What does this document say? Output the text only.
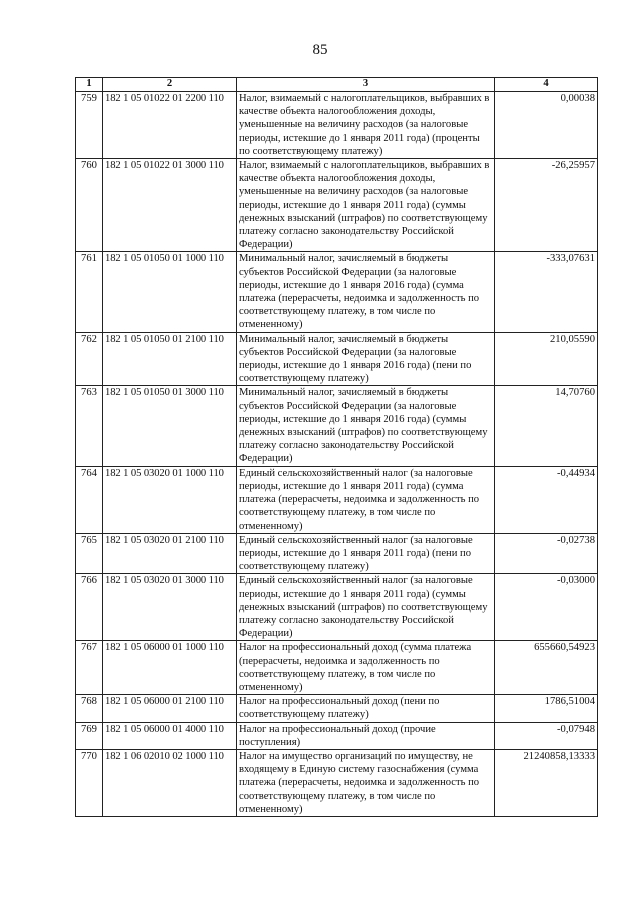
85
1	2	3	4
759	182 1 05 01022 01 2200 110	Налог, взимаемый с налогоплательщиков, выбравших в качестве объекта налогообложения доходы, уменьшенные на величину расходов (за налоговые периоды, истекшие до 1 января 2011 года) (проценты по соответствующему платежу)	0,00038
760	182 1 05 01022 01 3000 110	Налог, взимаемый с налогоплательщиков, выбравших в качестве объекта налогообложения доходы, уменьшенные на величину расходов (за налоговые периоды, истекшие до 1 января 2011 года) (суммы денежных взысканий (штрафов) по соответствующему платежу согласно законодательству Российской Федерации)	-26,25957
761	182 1 05 01050 01 1000 110	Минимальный налог, зачисляемый в бюджеты субъектов Российской Федерации (за налоговые периоды, истекшие до 1 января 2016 года) (сумма платежа (перерасчеты, недоимка и задолженность по соответствующему платежу, в том числе по отмененному)	-333,07631
762	182 1 05 01050 01 2100 110	Минимальный налог, зачисляемый в бюджеты субъектов Российской Федерации (за налоговые периоды, истекшие до 1 января 2016 года) (пени по соответствующему платежу)	210,05590
763	182 1 05 01050 01 3000 110	Минимальный налог, зачисляемый в бюджеты субъектов Российской Федерации (за налоговые периоды, истекшие до 1 января 2016 года) (суммы денежных взысканий (штрафов) по соответствующему платежу согласно законодательству Российской Федерации)	14,70760
764	182 1 05 03020 01 1000 110	Единый сельскохозяйственный налог (за налоговые периоды, истекшие до 1 января 2011 года) (сумма платежа (перерасчеты, недоимка и задолженность по соответствующему платежу, в том числе по отмененному)	-0,44934
765	182 1 05 03020 01 2100 110	Единый сельскохозяйственный налог (за налоговые периоды, истекшие до 1 января 2011 года) (пени по соответствующему платежу)	-0,02738
766	182 1 05 03020 01 3000 110	Единый сельскохозяйственный налог (за налоговые периоды, истекшие до 1 января 2011 года) (суммы денежных взысканий (штрафов) по соответствующему платежу согласно законодательству Российской Федерации)	-0,03000
767	182 1 05 06000 01 1000 110	Налог на профессиональный доход (сумма платежа (перерасчеты, недоимка и задолженность по соответствующему платежу, в том числе по отмененному)	655660,54923
768	182 1 05 06000 01 2100 110	Налог на профессиональный доход (пени по соответствующему платежу)	1786,51004
769	182 1 05 06000 01 4000 110	Налог на профессиональный доход (прочие поступления)	-0,07948
770	182 1 06 02010 02 1000 110	Налог на имущество организаций по имуществу, не входящему в Единую систему газоснабжения (сумма платежа (перерасчеты, недоимка и задолженность по соответствующему платежу, в том числе по отмененному)	21240858,13333
